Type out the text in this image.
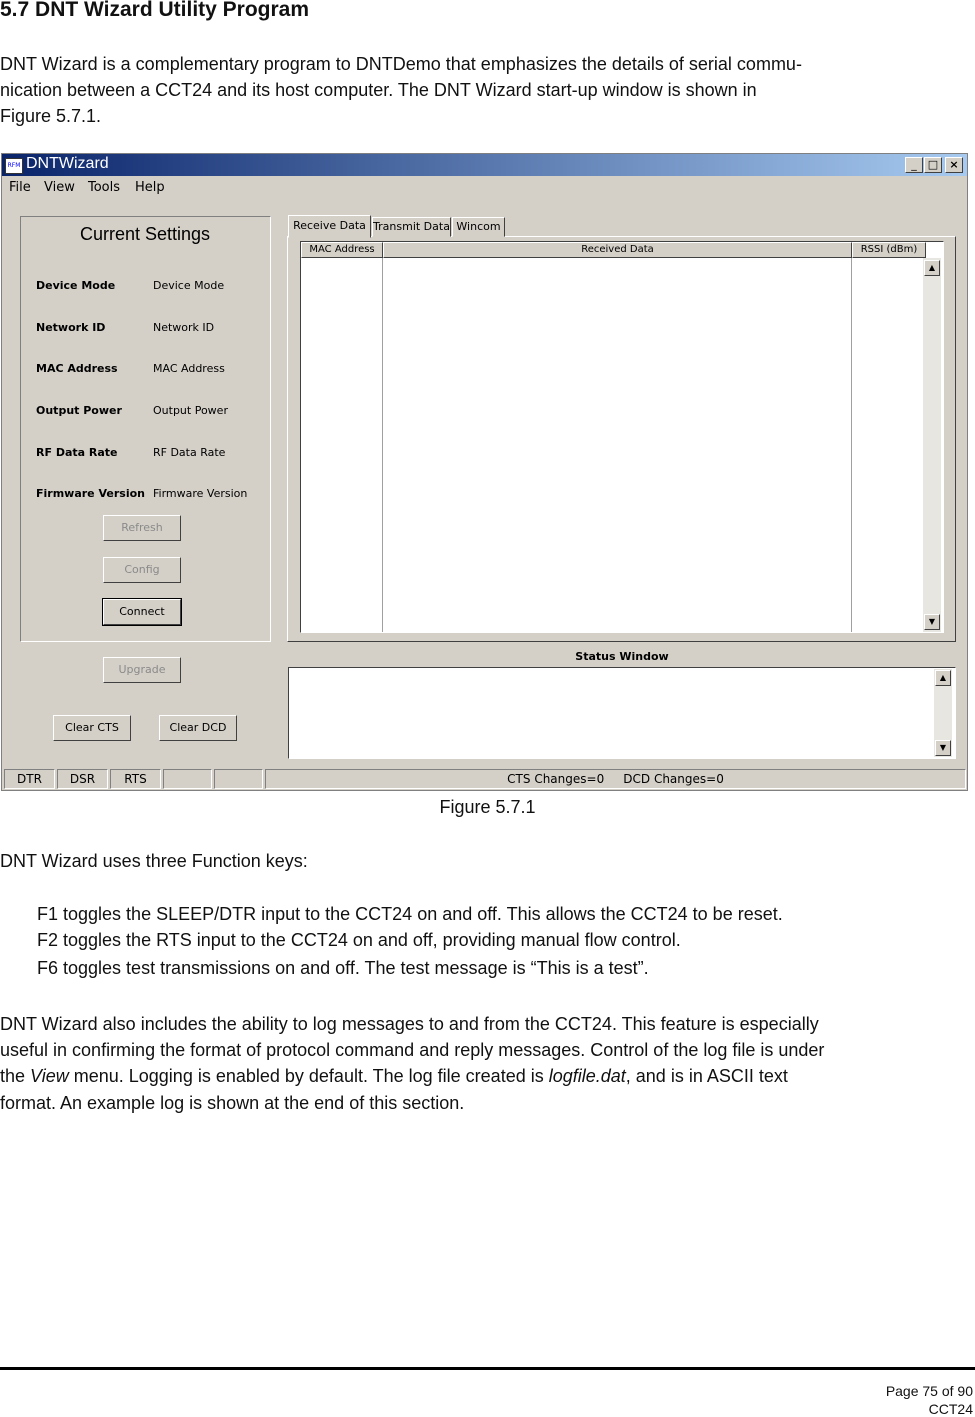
5.7 DNT Wizard Utility Program
DNT Wizard is a complementary program to DNTDemo that emphasizes the details of serial commu-
nication between a CCT24 and its host computer. The DNT Wizard start-up window is shown in
Figure 5.7.1.
RFM DNTWizard	_	□	×
File View Tools Help
Current Settings
Device Mode	Device Mode
Network ID	Network ID
MAC Address	MAC Address
Output Power	Output Power
RF Data Rate	RF Data Rate
Firmware Version Firmware Version
Refresh
Config
Connect
Upgrade
Clear CTS	Clear DCD
Receive Data Transmit Data Wincom
MAC Address	Received Data	RSSI (dBm)
▲
▼
Status Window
▲
▼
DTR	DSR	RTS	CTS Changes=0     DCD Changes=0
Figure 5.7.1
DNT Wizard uses three Function keys:
F1 toggles the SLEEP/DTR input to the CCT24 on and off. This allows the CCT24 to be reset.
F2 toggles the RTS input to the CCT24 on and off, providing manual flow control.
F6 toggles test transmissions on and off. The test message is “This is a test”.
DNT Wizard also includes the ability to log messages to and from the CCT24. This feature is especially
useful in confirming the format of protocol command and reply messages. Control of the log file is under
the View menu. Logging is enabled by default. The log file created is logfile.dat, and is in ASCII text
format. An example log is shown at the end of this section.
Page 75 of 90
CCT24
